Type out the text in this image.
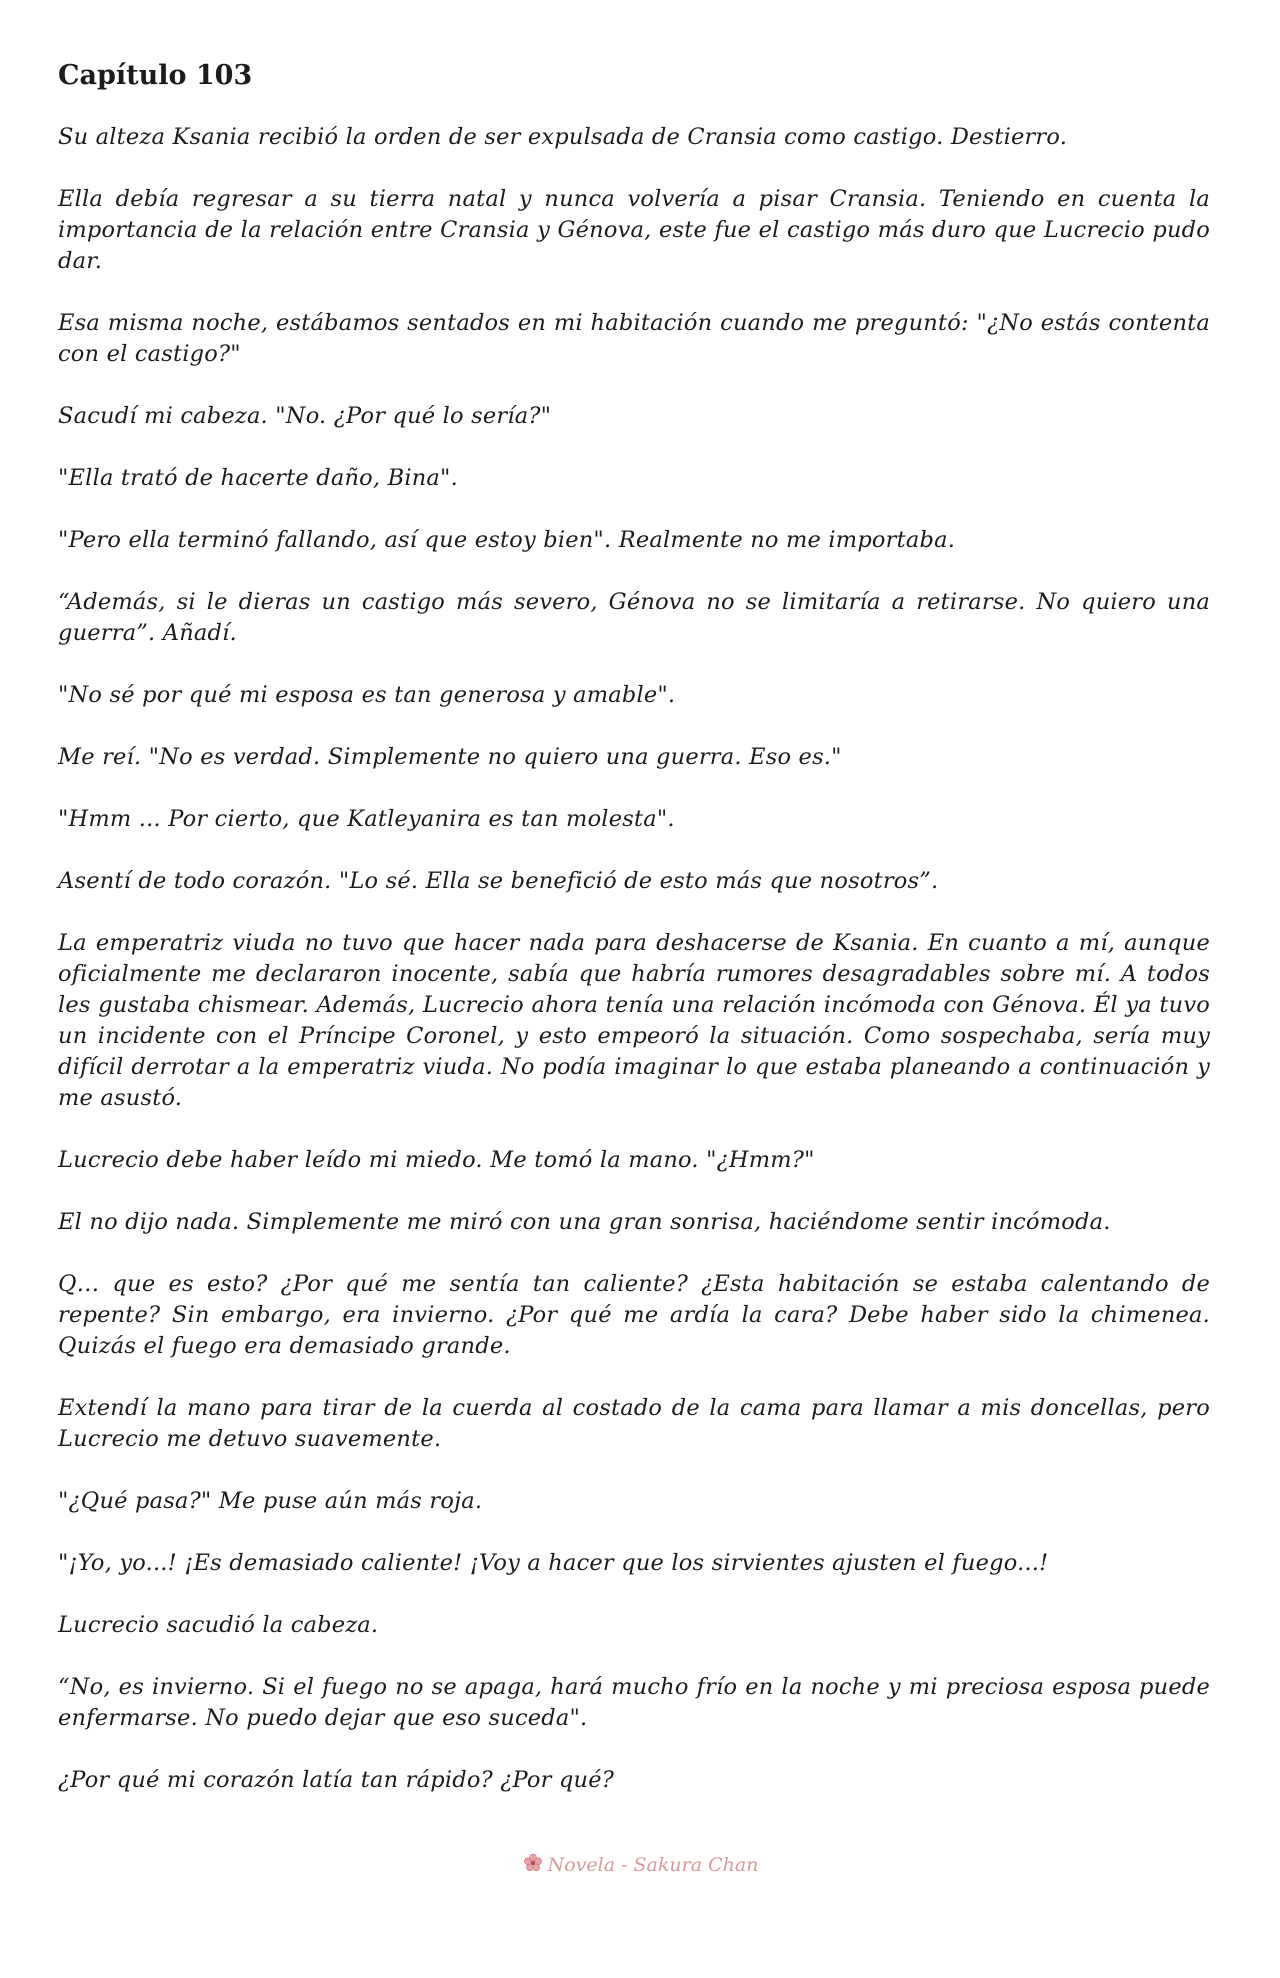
Capítulo 103

Su alteza Ksania recibió la orden de ser expulsada de Cransia como castigo. Destierro.

Ella debía regresar a su tierra natal y nunca volvería a pisar Cransia. Teniendo en cuenta la importancia de la relación entre Cransia y Génova, este fue el castigo más duro que Lucrecio pudo dar.

Esa misma noche, estábamos sentados en mi habitación cuando me preguntó: "¿No estás contenta con el castigo?"

Sacudí mi cabeza. "No. ¿Por qué lo sería?"

"Ella trató de hacerte daño, Bina".

"Pero ella terminó fallando, así que estoy bien". Realmente no me importaba.

“Además, si le dieras un castigo más severo, Génova no se limitaría a retirarse. No quiero una guerra”. Añadí.

"No sé por qué mi esposa es tan generosa y amable".

Me reí. "No es verdad. Simplemente no quiero una guerra. Eso es."

"Hmm ... Por cierto, que Katleyanira es tan molesta".

Asentí de todo corazón. "Lo sé. Ella se benefició de esto más que nosotros”.

La emperatriz viuda no tuvo que hacer nada para deshacerse de Ksania. En cuanto a mí, aunque oficialmente me declararon inocente, sabía que habría rumores desagradables sobre mí. A todos les gustaba chismear. Además, Lucrecio ahora tenía una relación incómoda con Génova. Él ya tuvo un incidente con el Príncipe Coronel, y esto empeoró la situación. Como sospechaba, sería muy difícil derrotar a la emperatriz viuda. No podía imaginar lo que estaba planeando a continuación y me asustó.

Lucrecio debe haber leído mi miedo. Me tomó la mano. "¿Hmm?"

El no dijo nada. Simplemente me miró con una gran sonrisa, haciéndome sentir incómoda.

Q… que es esto? ¿Por qué me sentía tan caliente? ¿Esta habitación se estaba calentando de repente? Sin embargo, era invierno. ¿Por qué me ardía la cara? Debe haber sido la chimenea. Quizás el fuego era demasiado grande.

Extendí la mano para tirar de la cuerda al costado de la cama para llamar a mis doncellas, pero Lucrecio me detuvo suavemente.

"¿Qué pasa?" Me puse aún más roja.

"¡Yo, yo...! ¡Es demasiado caliente! ¡Voy a hacer que los sirvientes ajusten el fuego...!

Lucrecio sacudió la cabeza.

“No, es invierno. Si el fuego no se apaga, hará mucho frío en la noche y mi preciosa esposa puede enfermarse. No puedo dejar que eso suceda".

¿Por qué mi corazón latía tan rápido? ¿Por qué?

Novela - Sakura Chan
